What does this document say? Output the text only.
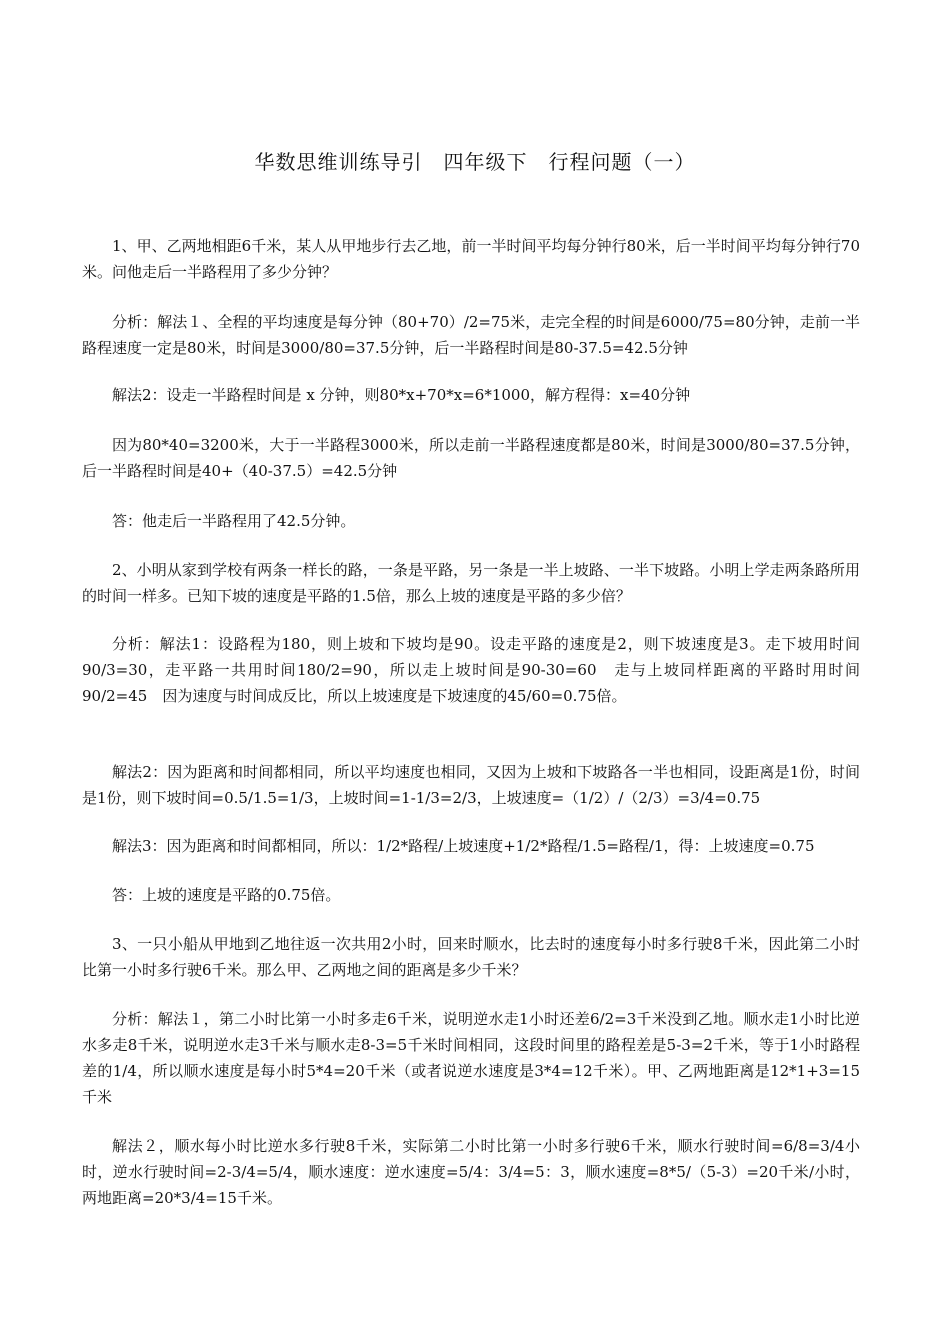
华数思维训练导引　四年级下　行程问题（一）

1、甲、乙两地相距6千米，某人从甲地步行去乙地，前一半时间平均每分钟行80米，后一半时间平均每分钟行70米。问他走后一半路程用了多少分钟？

分析：解法１、全程的平均速度是每分钟（80+70）/2=75米，走完全程的时间是6000/75=80分钟，走前一半路程速度一定是80米，时间是3000/80=37.5分钟，后一半路程时间是80-37.5=42.5分钟

解法2：设走一半路程时间是 x 分钟，则80*x+70*x=6*1000，解方程得：x=40分钟

因为80*40=3200米，大于一半路程3000米，所以走前一半路程速度都是80米，时间是3000/80=37.5分钟，后一半路程时间是40+（40-37.5）=42.5分钟

答：他走后一半路程用了42.5分钟。

2、小明从家到学校有两条一样长的路，一条是平路，另一条是一半上坡路、一半下坡路。小明上学走两条路所用的时间一样多。已知下坡的速度是平路的1.5倍，那么上坡的速度是平路的多少倍？

分析：解法1：设路程为180，则上坡和下坡均是90。设走平路的速度是2，则下坡速度是3。走下坡用时间90/3=30，走平路一共用时间180/2=90，所以走上坡时间是90-30=60　走与上坡同样距离的平路时用时间90/2=45　因为速度与时间成反比，所以上坡速度是下坡速度的45/60=0.75倍。

解法2：因为距离和时间都相同，所以平均速度也相同，又因为上坡和下坡路各一半也相同，设距离是1份，时间是1份，则下坡时间=0.5/1.5=1/3，上坡时间=1-1/3=2/3，上坡速度=（1/2）/（2/3）=3/4=0.75

解法3：因为距离和时间都相同，所以：1/2*路程/上坡速度+1/2*路程/1.5=路程/1，得：上坡速度=0.75

答：上坡的速度是平路的0.75倍。

3、一只小船从甲地到乙地往返一次共用2小时，回来时顺水，比去时的速度每小时多行驶8千米，因此第二小时比第一小时多行驶6千米。那么甲、乙两地之间的距离是多少千米？

分析：解法１，第二小时比第一小时多走6千米，说明逆水走1小时还差6/2=3千米没到乙地。顺水走1小时比逆水多走8千米，说明逆水走3千米与顺水走8-3=5千米时间相同，这段时间里的路程差是5-3=2千米，等于1小时路程差的1/4，所以顺水速度是每小时5*4=20千米（或者说逆水速度是3*4=12千米）。甲、乙两地距离是12*1+3=15千米

解法２，顺水每小时比逆水多行驶8千米，实际第二小时比第一小时多行驶6千米，顺水行驶时间=6/8=3/4小时，逆水行驶时间=2-3/4=5/4，顺水速度：逆水速度=5/4：3/4=5：3，顺水速度=8*5/（5-3）=20千米/小时，两地距离=20*3/4=15千米。
